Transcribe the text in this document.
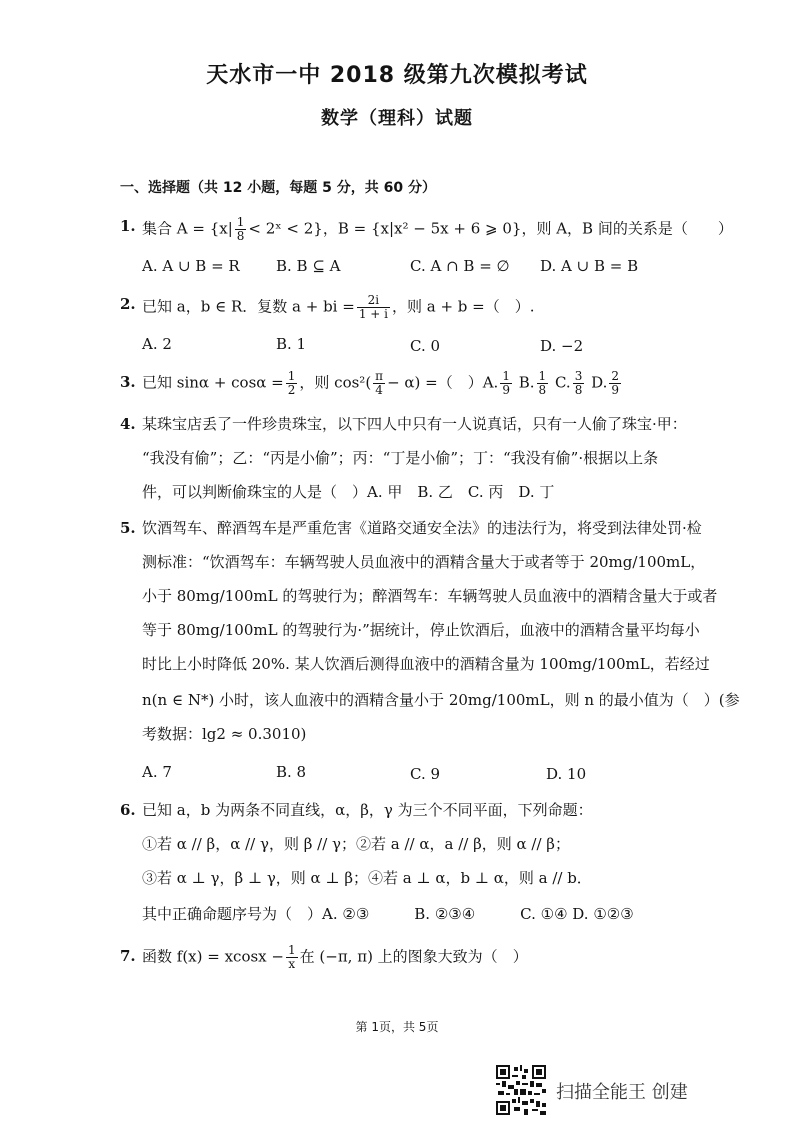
天水市一中 2018 级第九次模拟考试
数学（理科）试题
一、选择题（共 12 小题，每题 5 分，共 60 分）
1. 集合 $A = \{x| \frac{1}{8}$ < 2ˣ < 2}，B = {x|x² − 5x + 6 ⩾ 0}，则 A，B 间的关系是（　　）
A. A ∪ B = R B. B ⊆ A	C. A ∩ B = ∅ D. A ∪ B = B
2. 已知 a，b ∈ R．复数 a + bi = $\frac{2i}{1 + i}$ ，则 a + b =（　）.
A. 2	B. 1	C. 0	D. −2
3. 已知 $\sin\alpha + \cos\alpha = \frac{1}{2}$ ，则 $\cos^2( \frac{\pi}{4} - \alpha)$ =（　）A. $\frac{1}{9} B$. $\frac{1}{8} C$. $\frac{3}{8} D$. $\frac{2}{9}$
4. 某珠宝店丢了一件珍贵珠宝，以下四人中只有一人说真话，只有一人偷了珠宝·甲：
“我没有偷”；乙：“丙是小偷”；丙：“丁是小偷”；丁：“我没有偷”·根据以上条
件，可以判断偷珠宝的人是（　）A. 甲　B. 乙　C. 丙　D. 丁
5. 饮酒驾车、醉酒驾车是严重危害《道路交通安全法》的违法行为，将受到法律处罚·检
测标准：“饮酒驾车：车辆驾驶人员血液中的酒精含量大于或者等于 20mg/100mL，
小于 80mg/100mL 的驾驶行为；醉酒驾车：车辆驾驶人员血液中的酒精含量大于或者
等于 80mg/100mL 的驾驶行为·”据统计，停止饮酒后，血液中的酒精含量平均每小
时比上小时降低 20%. 某人饮酒后测得血液中的酒精含量为 100mg/100mL，若经过
n(n ∈ N*) 小时，该人血液中的酒精含量小于 20mg/100mL，则 n 的最小值为（　）(参
考数据：lg2 ≈ 0.3010)
A. 7	B. 8	C. 9	D. 10
6. 已知 a，b 为两条不同直线，α，β，γ 为三个不同平面，下列命题：
①若 α // β，α // γ，则 β // γ；②若 a // α，a // β，则 α // β；
③若 α ⊥ γ，β ⊥ γ，则 α ⊥ β；④若 a ⊥ α，b ⊥ α，则 a // b．
其中正确命题序号为（　）A. ②③　　　B. ②③④　　　C. ①④ D. ①②③
7. 函数 $f(x) = xcosx - \frac{1}{x}$ 在 (−π, π) 上的图象大致为（　）
第 1页，共 5页
扫描全能王 创建
